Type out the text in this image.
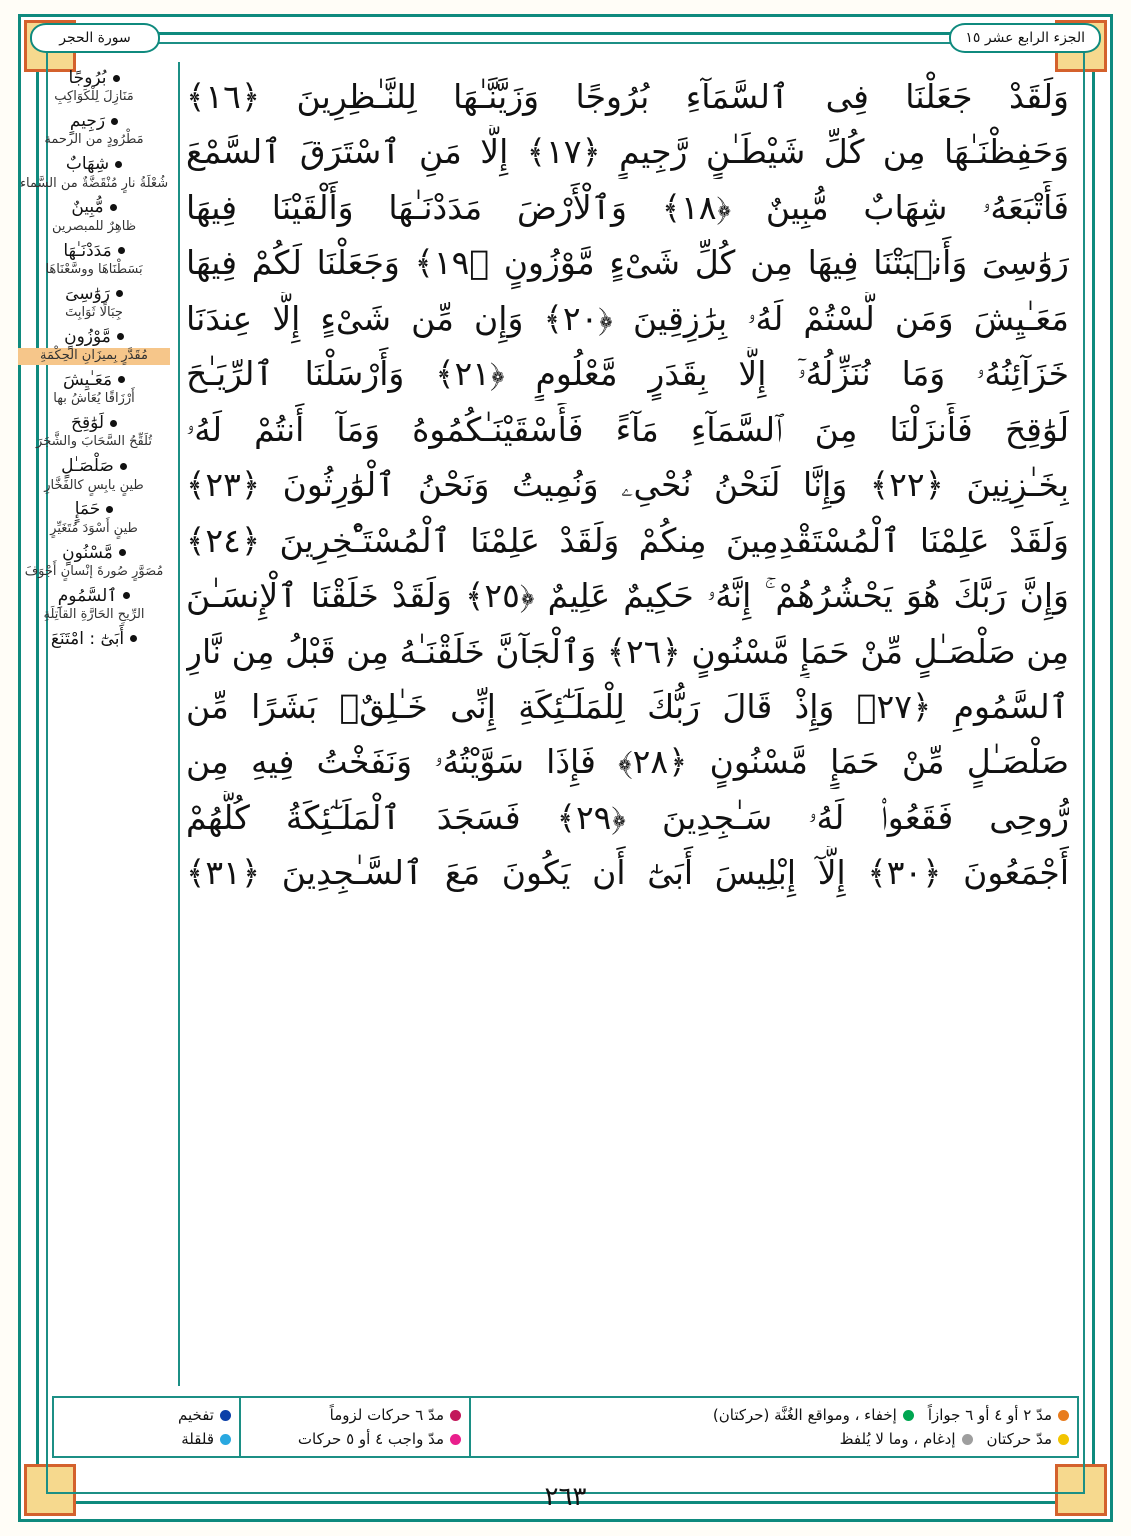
الجزء الرابع عشر ١٥
سورة الحجر
وَلَقَدْ جَعَلْنَا فِى ٱلسَّمَآءِ بُرُوجًا وَزَيَّنَّـٰهَا لِلنَّـٰظِرِينَ ﴿١٦﴾
وَحَفِظْنَـٰهَا مِن كُلِّ شَيْطَـٰنٍ رَّجِيمٍ ﴿١٧﴾ إِلَّا مَنِ ٱسْتَرَقَ ٱلسَّمْعَ
فَأَتْبَعَهُۥ شِهَابٌ مُّبِينٌ ﴿١٨﴾ وَٱلْأَرْضَ مَدَدْنَـٰهَا وَأَلْقَيْنَا فِيهَا
رَوَٰسِىَ وَأَنۢبَتْنَا فِيهَا مِن كُلِّ شَىْءٍ مَّوْزُونٍ ﴿١٩﴾ وَجَعَلْنَا لَكُمْ فِيهَا
مَعَـٰيِشَ وَمَن لَّسْتُمْ لَهُۥ بِرَٰزِقِينَ ﴿٢٠﴾ وَإِن مِّن شَىْءٍ إِلَّا عِندَنَا
خَزَآئِنُهُۥ وَمَا نُنَزِّلُهُۥٓ إِلَّا بِقَدَرٍ مَّعْلُومٍ ﴿٢١﴾ وَأَرْسَلْنَا ٱلرِّيَـٰحَ
لَوَٰقِحَ فَأَنزَلْنَا مِنَ ٱلسَّمَآءِ مَآءً فَأَسْقَيْنَـٰكُمُوهُ وَمَآ أَنتُمْ لَهُۥ
بِخَـٰزِنِينَ ﴿٢٢﴾ وَإِنَّا لَنَحْنُ نُحْىِۦ وَنُمِيتُ وَنَحْنُ ٱلْوَٰرِثُونَ ﴿٢٣﴾
وَلَقَدْ عَلِمْنَا ٱلْمُسْتَقْدِمِينَ مِنكُمْ وَلَقَدْ عَلِمْنَا ٱلْمُسْتَـْٔخِرِينَ ﴿٢٤﴾
وَإِنَّ رَبَّكَ هُوَ يَحْشُرُهُمْ ۚ إِنَّهُۥ حَكِيمٌ عَلِيمٌ ﴿٢٥﴾ وَلَقَدْ خَلَقْنَا ٱلْإِنسَـٰنَ
مِن صَلْصَـٰلٍ مِّنْ حَمَإٍ مَّسْنُونٍ ﴿٢٦﴾ وَٱلْجَآنَّ خَلَقْنَـٰهُ مِن قَبْلُ مِن نَّارِ
ٱلسَّمُومِ ﴿٢٧﴾ وَإِذْ قَالَ رَبُّكَ لِلْمَلَـٰٓئِكَةِ إِنِّى خَـٰلِقٌۢ بَشَرًا مِّن
صَلْصَـٰلٍ مِّنْ حَمَإٍ مَّسْنُونٍ ﴿٢٨﴾ فَإِذَا سَوَّيْتُهُۥ وَنَفَخْتُ فِيهِ مِن
رُّوحِى فَقَعُوا۟ لَهُۥ سَـٰجِدِينَ ﴿٢٩﴾ فَسَجَدَ ٱلْمَلَـٰٓئِكَةُ كُلُّهُمْ
أَجْمَعُونَ ﴿٣٠﴾ إِلَّآ إِبْلِيسَ أَبَىٰٓ أَن يَكُونَ مَعَ ٱلسَّـٰجِدِينَ ﴿٣١﴾
بُرُوجًا
مَنَازِلَ لِلْكَوَاكِبِ
رَجِيمٍ
مَطْرُودٍ من الرحمة
شِهَابٌ
شُعْلَةُ نارٍ مُنْقَضَّةٌ من السَّماء
مُّبِينٌ
ظاهِرٌ للمبصرين
مَدَدْنَـٰهَا
بَسَطْنَاهَا ووسَّعْنَاهَا
رَوَٰسِىَ
جِبَالًا ثَوَابِتَ
مَّوْزُونٍ
مُقَدَّرٍ بِميزَانِ الحِكْمَةِ
مَعَـٰيِشَ
أَرْزَاقًا يُعَاشُ بها
لَوَٰقِحَ
تُلَقِّحُ السَّحَابَ والشَّجَرَ
صَلْصَـٰلٍ
طينٍ يابِسٍ كالفَخَّارِ
حَمَإٍ
طينٍ أَسْوَدَ مُتَغَيِّرٍ
مَّسْنُونٍ
مُصَوَّرٍ صُورةَ إنْسانٍ أَجْوَفَ
ٱلسَّمُومِ
الرِّيحِ الحَارَّةِ القاتِلَةِ
أَبَىٰٓ : امْتَنَعَ
مدّ ٢ أو ٤ أو ٦ جوازاً
إخفاء ، ومواقع الغُنَّة (حركتان)
مدّ حركتان
إدغام ، وما لا يُلفظ
مدّ ٦ حركات لزوماً
مدّ واجب ٤ أو ٥ حركات
تفخيم
قلقلة
٢٦٣
